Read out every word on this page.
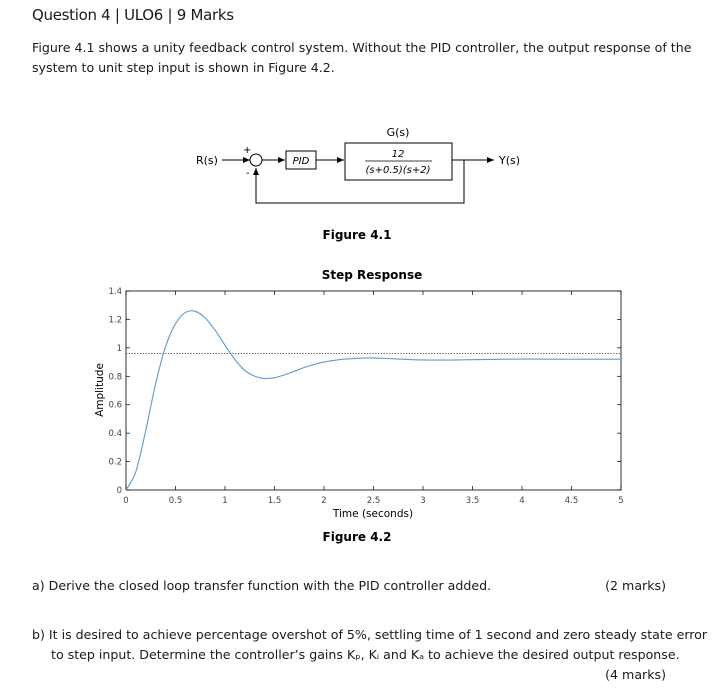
Question 4 | ULO6 | 9 Marks
Figure 4.1 shows a unity feedback control system. Without the PID controller, the output response of the
system to unit step input is shown in Figure 4.2.
R(s)
+
-
PID
G(s)
12
(s+0.5)(s+2)
Y(s)
Figure 4.1
Step Response
0	0.5	1	1.5	2	2.5	3	3.5	4	4.5	5
0
0.2
0.4
0.6
0.8
1
1.2
1.4
Time (seconds)
Amplitude
Figure 4.2
a) Derive the closed loop transfer function with the PID controller added.	(2 marks)
b) It is desired to achieve percentage overshot of 5%, settling time of 1 second and zero steady state error
to step input. Determine the controller’s gains Kₚ, Kᵢ and Kₐ to achieve the desired output response.
(4 marks)
